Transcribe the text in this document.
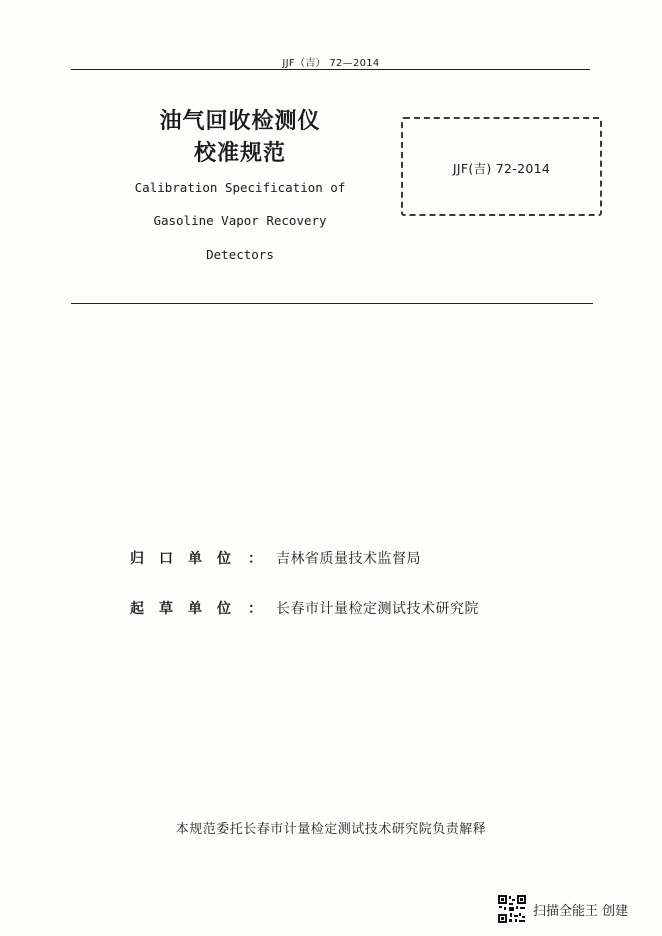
JJF（吉） 72—2014
油气回收检测仪
校准规范
Calibration Specification of
Gasoline Vapor Recovery
Detectors
JJF(吉) 72-2014
归口单位 ： 吉林省质量技术监督局
起草单位 ： 长春市计量检定测试技术研究院
本规范委托长春市计量检定测试技术研究院负责解释
扫描全能王 创建
